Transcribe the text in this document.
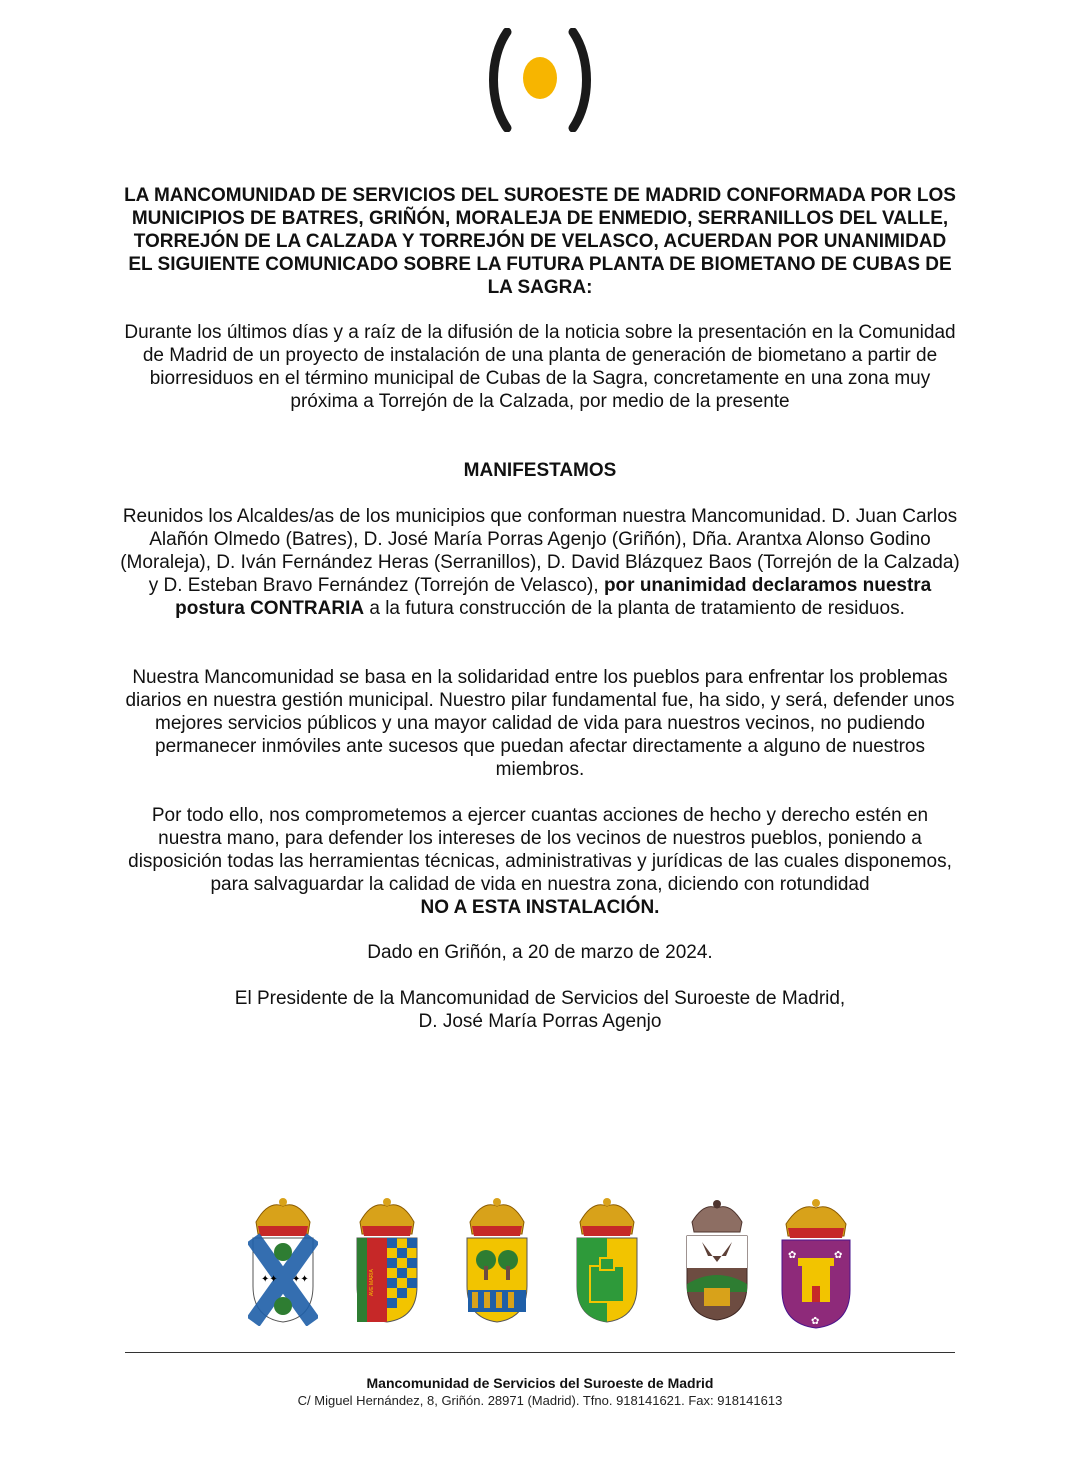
LA MANCOMUNIDAD DE SERVICIOS DEL SUROESTE DE MADRID CONFORMADA POR LOS MUNICIPIOS DE BATRES, GRIÑÓN, MORALEJA DE ENMEDIO, SERRANILLOS DEL VALLE, TORREJÓN DE LA CALZADA Y TORREJÓN DE VELASCO, ACUERDAN POR UNANIMIDAD EL SIGUIENTE COMUNICADO SOBRE LA FUTURA PLANTA DE BIOMETANO DE CUBAS DE LA SAGRA:
Durante los últimos días y a raíz de la difusión de la noticia sobre la presentación en la Comunidad de Madrid de un proyecto de instalación de una planta de generación de biometano a partir de biorresiduos en el término municipal de Cubas de la Sagra, concretamente en una zona muy próxima a Torrejón de la Calzada, por medio de la presente
MANIFESTAMOS
Reunidos los Alcaldes/as de los municipios que conforman nuestra Mancomunidad. D. Juan Carlos Alañón Olmedo (Batres), D. José María Porras Agenjo (Griñón), Dña. Arantxa Alonso Godino (Moraleja), D. Iván Fernández Heras (Serranillos), D. David Blázquez Baos (Torrejón de la Calzada) y D. Esteban Bravo Fernández (Torrejón de Velasco), por unanimidad declaramos nuestra postura CONTRARIA a la futura construcción de la planta de tratamiento de residuos.
Nuestra Mancomunidad se basa en la solidaridad entre los pueblos para enfrentar los problemas diarios en nuestra gestión municipal. Nuestro pilar fundamental fue, ha sido, y será, defender unos mejores servicios públicos y una mayor calidad de vida para nuestros vecinos, no pudiendo permanecer inmóviles ante sucesos que puedan afectar directamente a alguno de nuestros miembros.
Por todo ello, nos comprometemos a ejercer cuantas acciones de hecho y derecho estén en nuestra mano, para defender los intereses de los vecinos de nuestros pueblos, poniendo a disposición todas las herramientas técnicas, administrativas y jurídicas de las cuales disponemos, para salvaguardar la calidad de vida en nuestra zona, diciendo con rotundidad
NO A ESTA INSTALACIÓN.
Dado en Griñón, a 20 de marzo de 2024.
El Presidente de la Mancomunidad de Servicios del Suroeste de Madrid,
D. José María Porras Agenjo
✦✦ ✦✦	AVE MARIA
✿	✿
✿
Mancomunidad de Servicios del Suroeste de Madrid
C/ Miguel Hernández, 8, Griñón. 28971 (Madrid). Tfno. 918141621. Fax: 918141613
